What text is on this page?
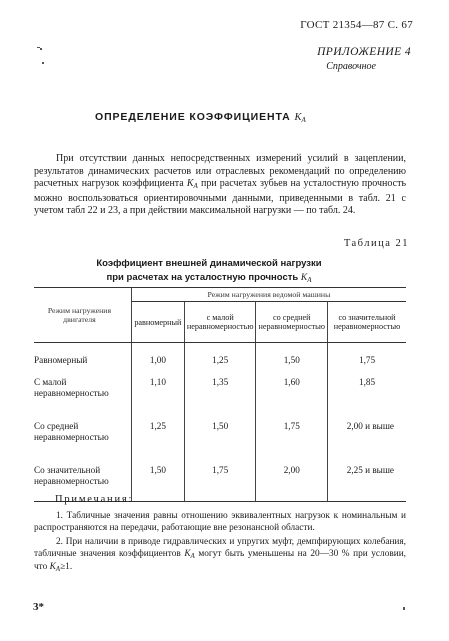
ГОСТ 21354—87 С. 67
ПРИЛОЖЕНИЕ 4
Справочное
ОПРЕДЕЛЕНИЕ КОЭФФИЦИЕНТА $K_A$

При отсутствии данных непосредственных измерений усилий в зацеплении, результатов динамических расчетов или отраслевых рекомендаций по определению расчетных нагрузок коэффициента $K_A$ при расчетах зубьев на усталостную прочность можно воспользоваться ориентировочными данными, приведенными в табл. 21 с учетом табл 22 и 23, а при действии максимальной нагрузки — по табл. 24.

Таблица 21
Коэффициент внешней динамической нагрузки
при расчетах на усталостную прочность $K_A$
Режим нагружения двигателя	Режим нагружения ведомой машины			
	равномерный	с малой неравномерностью	со средней неравномерностью	со значительной неравномерностью
Равномерный	1,00	1,25	1,50	1,75
С малой неравномерностью	1,10	1,35	1,60	1,85
Со средней неравномерностью	1,25	1,50	1,75	2,00 и выше
Со значительной неравномерностью	1,50	1,75	2,00	2,25 и выше
Примечания:

1. Табличные значения равны отношению эквивалентных нагрузок к номинальным и распространяются на передачи, работающие вне резонансной области.

2. При наличии в приводе гидравлических и упругих муфт, демпфирующих колебания, табличные значения коэффициентов $K_A$ могут быть уменьшены на 20—30 % при условии, что $K_A\ge 1$.

3*
